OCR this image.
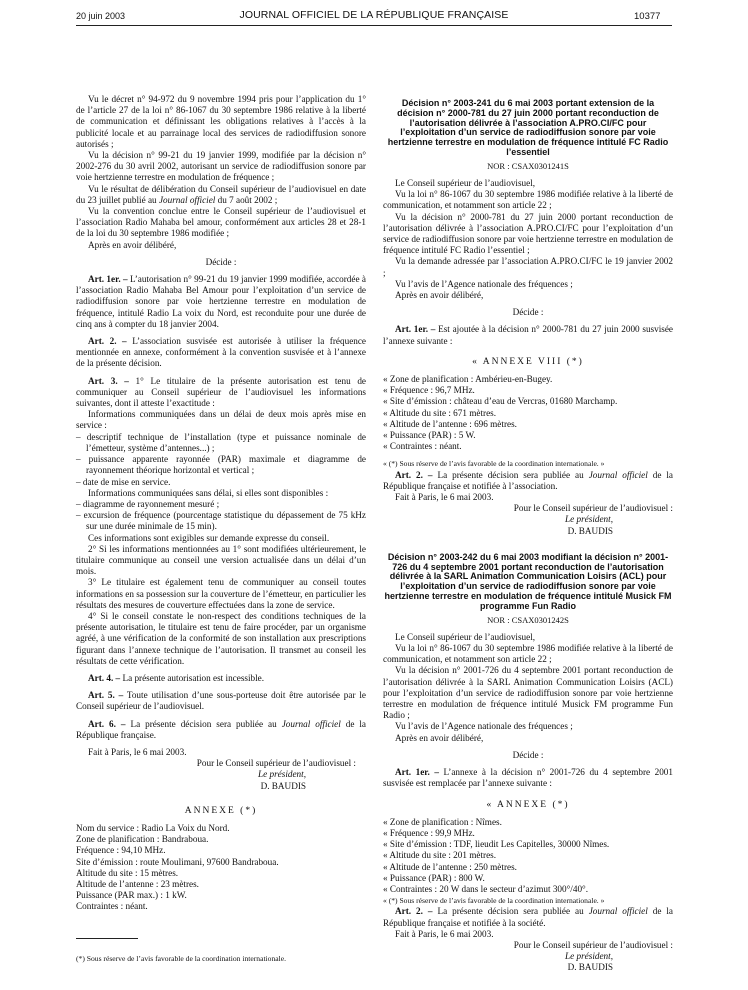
20 juin 2003	JOURNAL OFFICIEL DE LA RÉPUBLIQUE FRANÇAISE	10377

Vu le décret n° 94-972 du 9 novembre 1994 pris pour l’application du 1° de l’article 27 de la loi n° 86-1067 du 30 septembre 1986 relative à la liberté de communication et définissant les obligations relatives à l’accès à la publicité locale et au parrainage local des services de radiodiffusion sonore autorisés ;

Vu la décision n° 99-21 du 19 janvier 1999, modifiée par la décision n° 2002-276 du 30 avril 2002, autorisant un service de radiodiffusion sonore par voie hertzienne terrestre en modulation de fréquence ;

Vu le résultat de délibération du Conseil supérieur de l’audiovisuel en date du 23 juillet publié au Journal officiel du 7 août 2002 ;

Vu la convention conclue entre le Conseil supérieur de l’audiovisuel et l’association Radio Mahaba bel amour, conformément aux articles 28 et 28-1 de la loi du 30 septembre 1986 modifiée ;

Après en avoir délibéré,

Décide :

Art. 1er. – L’autorisation n° 99-21 du 19 janvier 1999 modifiée, accordée à l’association Radio Mahaba Bel Amour pour l’exploitation d’un service de radiodiffusion sonore par voie hertzienne terrestre en modulation de fréquence, intitulé Radio La voix du Nord, est reconduite pour une durée de cinq ans à compter du 18 janvier 2004.

Art. 2. – L’association susvisée est autorisée à utiliser la fréquence mentionnée en annexe, conformément à la convention susvisée et à l’annexe de la présente décision.

Art. 3. – 1° Le titulaire de la présente autorisation est tenu de communiquer au Conseil supérieur de l’audiovisuel les informations suivantes, dont il atteste l’exactitude :

Informations communiquées dans un délai de deux mois après mise en service :

– descriptif technique de l’installation (type et puissance nominale de l’émetteur, système d’antennes...) ;

– puissance apparente rayonnée (PAR) maximale et diagramme de rayonnement théorique horizontal et vertical ;

– date de mise en service.

Informations communiquées sans délai, si elles sont disponibles :

– diagramme de rayonnement mesuré ;

– excursion de fréquence (pourcentage statistique du dépassement de 75 kHz sur une durée minimale de 15 min).

Ces informations sont exigibles sur demande expresse du conseil.

2° Si les informations mentionnées au 1° sont modifiées ultérieurement, le titulaire communique au conseil une version actualisée dans un délai d’un mois.

3° Le titulaire est également tenu de communiquer au conseil toutes informations en sa possession sur la couverture de l’émetteur, en particulier les résultats des mesures de couverture effectuées dans la zone de service.

4° Si le conseil constate le non-respect des conditions techniques de la présente autorisation, le titulaire est tenu de faire procéder, par un organisme agréé, à une vérification de la conformité de son installation aux prescriptions figurant dans l’annexe technique de l’autorisation. Il transmet au conseil les résultats de cette vérification.

Art. 4. – La présente autorisation est incessible.

Art. 5. – Toute utilisation d’une sous-porteuse doit être autorisée par le Conseil supérieur de l’audiovisuel.

Art. 6. – La présente décision sera publiée au Journal officiel de la République française.

Fait à Paris, le 6 mai 2003.

Pour le Conseil supérieur de l’audiovisuel :

Le président,

D. BAUDIS

ANNEXE (*)

Nom du service : Radio La Voix du Nord.

Zone de planification : Bandraboua.

Fréquence : 94,10 MHz.

Site d’émission : route Moulimani, 97600 Bandraboua.

Altitude du site : 15 mètres.

Altitude de l’antenne : 23 mètres.

Puissance (PAR max.) : 1 kW.

Contraintes : néant.

(*) Sous réserve de l’avis favorable de la coordination internationale.

Décision n° 2003-241 du 6 mai 2003 portant extension de la décision n° 2000-781 du 27 juin 2000 portant reconduction de l’autorisation délivrée à l’association A.PRO.CI/FC pour l’exploitation d’un service de radiodiffusion sonore par voie hertzienne terrestre en modulation de fréquence intitulé FC Radio l’essentiel

NOR : CSAX0301241S

Le Conseil supérieur de l’audiovisuel,

Vu la loi n° 86-1067 du 30 septembre 1986 modifiée relative à la liberté de communication, et notamment son article 22 ;

Vu la décision n° 2000-781 du 27 juin 2000 portant reconduction de l’autorisation délivrée à l’association A.PRO.CI/FC pour l’exploitation d’un service de radiodiffusion sonore par voie hertzienne terrestre en modulation de fréquence intitulé FC Radio l’essentiel ;

Vu la demande adressée par l’association A.PRO.CI/FC le 19 janvier 2002 ;

Vu l’avis de l’Agence nationale des fréquences ;

Après en avoir délibéré,

Décide :

Art. 1er. – Est ajoutée à la décision n° 2000-781 du 27 juin 2000 susvisée l’annexe suivante :

« ANNEXE VIII (*)

« Zone de planification : Ambérieu-en-Bugey.

« Fréquence : 96,7 MHz.

« Site d’émission : château d’eau de Vercras, 01680 Marchamp.

« Altitude du site : 671 mètres.

« Altitude de l’antenne : 696 mètres.

« Puissance (PAR) : 5 W.

« Contraintes : néant.

« (*) Sous réserve de l’avis favorable de la coordination internationale. »

Art. 2. – La présente décision sera publiée au Journal officiel de la République française et notifiée à l’association.

Fait à Paris, le 6 mai 2003.

Pour le Conseil supérieur de l’audiovisuel :

Le président,

D. BAUDIS

Décision n° 2003-242 du 6 mai 2003 modifiant la décision n° 2001-726 du 4 septembre 2001 portant reconduction de l’autorisation délivrée à la SARL Animation Communication Loisirs (ACL) pour l’exploitation d’un service de radiodiffusion sonore par voie hertzienne terrestre en modulation de fréquence intitulé Musick FM programme Fun Radio

NOR : CSAX0301242S

Le Conseil supérieur de l’audiovisuel,

Vu la loi n° 86-1067 du 30 septembre 1986 modifiée relative à la liberté de communication, et notamment son article 22 ;

Vu la décision n° 2001-726 du 4 septembre 2001 portant reconduction de l’autorisation délivrée à la SARL Animation Communication Loisirs (ACL) pour l’exploitation d’un service de radiodiffusion sonore par voie hertzienne terrestre en modulation de fréquence intitulé Musick FM programme Fun Radio ;

Vu l’avis de l’Agence nationale des fréquences ;

Après en avoir délibéré,

Décide :

Art. 1er. – L’annexe à la décision n° 2001-726 du 4 septembre 2001 susvisée est remplacée par l’annexe suivante :

« ANNEXE (*)

« Zone de planification : Nîmes.

« Fréquence : 99,9 MHz.

« Site d’émission : TDF, lieudit Les Capitelles, 30000 Nîmes.

« Altitude du site : 201 mètres.

« Altitude de l’antenne : 250 mètres.

« Puissance (PAR) : 800 W.

« Contraintes : 20 W dans le secteur d’azimut 300°/40°.

« (*) Sous réserve de l’avis favorable de la coordination internationale. »

Art. 2. – La présente décision sera publiée au Journal officiel de la République française et notifiée à la société.

Fait à Paris, le 6 mai 2003.

Pour le Conseil supérieur de l’audiovisuel :

Le président,

D. BAUDIS
